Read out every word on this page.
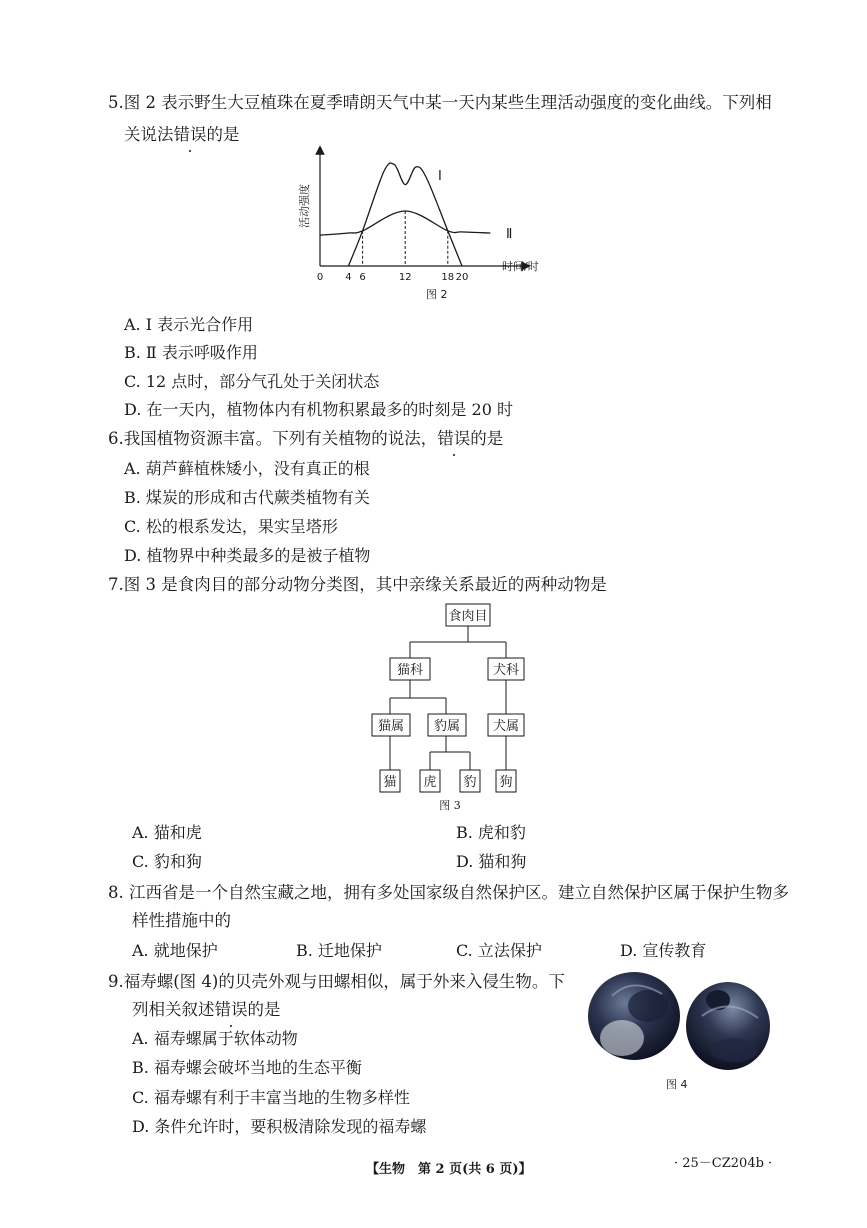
5.图 2 表示野生大豆植珠在夏季晴朗天气中某一天内某些生理活动强度的变化曲线。下列相
关说法错误的是
活动强度
时间/时
0 4 6	12	18 20
Ⅰ
Ⅱ
图 2
A. Ⅰ 表示光合作用
B. Ⅱ 表示呼吸作用
C. 12 点时，部分气孔处于关闭状态
D. 在一天内，植物体内有机物积累最多的时刻是 20 时
6.我国植物资源丰富。下列有关植物的说法，错误的是
A. 葫芦藓植株矮小，没有真正的根
B. 煤炭的形成和古代蕨类植物有关
C. 松的根系发达，果实呈塔形
D. 植物界中种类最多的是被子植物
7.图 3 是食肉目的部分动物分类图，其中亲缘关系最近的两种动物是
食肉目
猫科	犬科
猫属 豹属	犬属
猫 虎 豹 狗
图 3
A. 猫和虎	B. 虎和豹
C. 豹和狗	D. 猫和狗
8. 江西省是一个自然宝藏之地，拥有多处国家级自然保护区。建立自然保护区属于保护生物多
样性措施中的
A. 就地保护	B. 迁地保护	C. 立法保护	D. 宣传教育
9.福寿螺(图 4)的贝壳外观与田螺相似，属于外来入侵生物。下
列相关叙述错误的是
图 4
A. 福寿螺属于软体动物
B. 福寿螺会破坏当地的生态平衡
C. 福寿螺有利于丰富当地的生物多样性
D. 条件允许时，要积极清除发现的福寿螺
【生物　第 2 页(共 6 页)】	· 25－CZ204b ·
